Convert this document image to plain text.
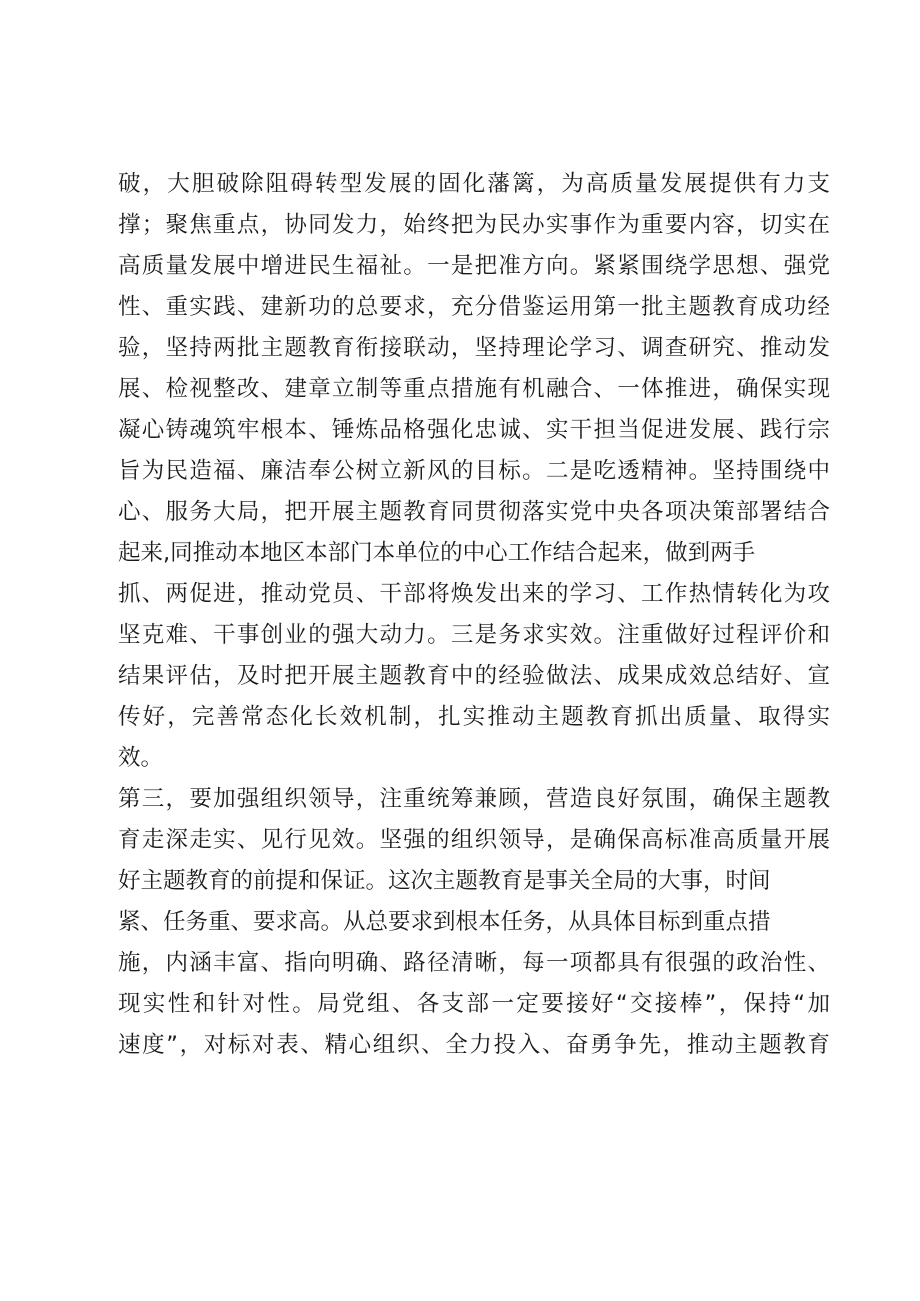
破，大胆破除阻碍转型发展的固化藩篱，为高质量发展提供有力支
撑；聚焦重点，协同发力，始终把为民办实事作为重要内容，切实在
高质量发展中增进民生福祉。一是把准方向。紧紧围绕学思想、强党
性、重实践、建新功的总要求，充分借鉴运用第一批主题教育成功经
验，坚持两批主题教育衔接联动，坚持理论学习、调查研究、推动发
展、检视整改、建章立制等重点措施有机融合、一体推进，确保实现
凝心铸魂筑牢根本、锤炼品格强化忠诚、实干担当促进发展、践行宗
旨为民造福、廉洁奉公树立新风的目标。二是吃透精神。坚持围绕中
心、服务大局，把开展主题教育同贯彻落实党中央各项决策部署结合
起来,同推动本地区本部门本单位的中心工作结合起来，做到两手
抓、两促进，推动党员、干部将焕发出来的学习、工作热情转化为攻
坚克难、干事创业的强大动力。三是务求实效。注重做好过程评价和
结果评估，及时把开展主题教育中的经验做法、成果成效总结好、宣
传好，完善常态化长效机制，扎实推动主题教育抓出质量、取得实
效。
第三，要加强组织领导，注重统筹兼顾，营造良好氛围，确保主题教
育走深走实、见行见效。坚强的组织领导，是确保高标准高质量开展
好主题教育的前提和保证。这次主题教育是事关全局的大事，时间
紧、任务重、要求高。从总要求到根本任务，从具体目标到重点措
施，内涵丰富、指向明确、路径清晰，每一项都具有很强的政治性、
现实性和针对性。局党组、各支部一定要接好“交接棒”，保持“加
速度”，对标对表、精心组织、全力投入、奋勇争先，推动主题教育
